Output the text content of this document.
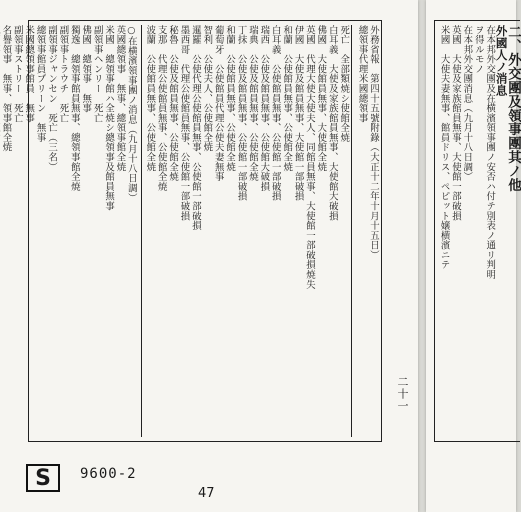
外務省報　第四十五號附錄（大正十二年十月十五日）
總領事代理米國總領事
死亡　全部類焼シ使館全焼
白耳義　大使及家族館員無事、大使館大破損
佛國　大使館員無事、大使館全焼
英國　代理大使大使夫人、同館員無事、大使館一部破損焼失
伊國　大使及館員無事、大使館一部破損
和蘭　公使館員無事、公使館全焼
白耳義　公使館員無事、公使館一部破損
瑞西　公使及館員無事、公使館大破損
瑞典　公使及館員無事、公使館全焼
丁抹　公使及館員無事、公使館一部破損
和蘭　公使館員無事、公使館全焼
葡萄牙　公使館員代理公使夫妻無事
智利　公使夫人、公使館全焼
暹羅　公使代理公使館員無事、公使館一部破損
墨西哥　代理公使館員無事、公使館一部破損
秘魯　公使及館員無事、公使館全焼
支那　代理公使館員無事、公使館全焼
波蘭　公使館員無事、公使館全焼
○在横濱領事團ノ消息（九月十八日調）
英國總領事　無事、總領事館全焼
米國　總領事館ハ全焼シ總領事及館員無事
副領事ヘンリー　死亡
佛國　總領事　無事
獨逸　總領事館員無事、總領事館全焼
副領事トラウチ　死亡
副領事ジャンセン　死亡（三名）
總領事館員ブリーン　無事
米國總領事館員　無事
副領事ストリー　死亡
名譽領事　無事、領事館全焼
二十一
S	9600-2
47
二、外交團及領事團其ノ他
外國人ノ消息
在本邦外交團及在横濱領事團ノ安否ハ付テ別表ノ通リ判明
ヲ得ルモノ
在本邦外交團消息（九月十八日調）
英國　大使及家族館員無事、大使館一部破損
米國　大使夫妻無事、館員ドリス、ペピット嬢横濱ニテ
